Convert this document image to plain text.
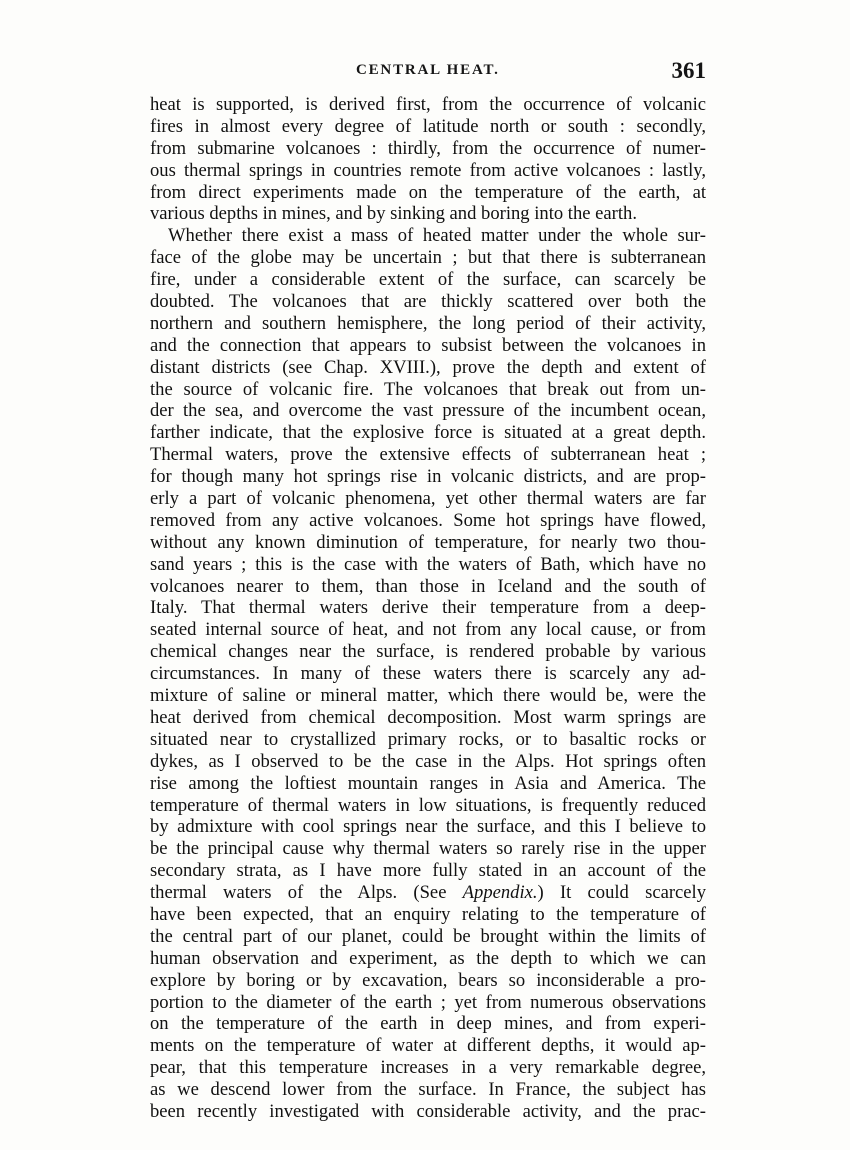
CENTRAL HEAT.	361
heat is supported, is derived first, from the occurrence of volcanic
fires in almost every degree of latitude north or south : secondly,
from submarine volcanoes : thirdly, from the occurrence of numer-
ous thermal springs in countries remote from active volcanoes : lastly,
from direct experiments made on the temperature of the earth, at
various depths in mines, and by sinking and boring into the earth.
Whether there exist a mass of heated matter under the whole sur-
face of the globe may be uncertain ; but that there is subterranean
fire, under a considerable extent of the surface, can scarcely be
doubted. The volcanoes that are thickly scattered over both the
northern and southern hemisphere, the long period of their activity,
and the connection that appears to subsist between the volcanoes in
distant districts (see Chap. XVIII.), prove the depth and extent of
the source of volcanic fire. The volcanoes that break out from un-
der the sea, and overcome the vast pressure of the incumbent ocean,
farther indicate, that the explosive force is situated at a great depth.
Thermal waters, prove the extensive effects of subterranean heat ;
for though many hot springs rise in volcanic districts, and are prop-
erly a part of volcanic phenomena, yet other thermal waters are far
removed from any active volcanoes. Some hot springs have flowed,
without any known diminution of temperature, for nearly two thou-
sand years ; this is the case with the waters of Bath, which have no
volcanoes nearer to them, than those in Iceland and the south of
Italy. That thermal waters derive their temperature from a deep-
seated internal source of heat, and not from any local cause, or from
chemical changes near the surface, is rendered probable by various
circumstances. In many of these waters there is scarcely any ad-
mixture of saline or mineral matter, which there would be, were the
heat derived from chemical decomposition. Most warm springs are
situated near to crystallized primary rocks, or to basaltic rocks or
dykes, as I observed to be the case in the Alps. Hot springs often
rise among the loftiest mountain ranges in Asia and America. The
temperature of thermal waters in low situations, is frequently reduced
by admixture with cool springs near the surface, and this I believe to
be the principal cause why thermal waters so rarely rise in the upper
secondary strata, as I have more fully stated in an account of the
thermal waters of the Alps. (See Appendix.) It could scarcely
have been expected, that an enquiry relating to the temperature of
the central part of our planet, could be brought within the limits of
human observation and experiment, as the depth to which we can
explore by boring or by excavation, bears so inconsiderable a pro-
portion to the diameter of the earth ; yet from numerous observations
on the temperature of the earth in deep mines, and from experi-
ments on the temperature of water at different depths, it would ap-
pear, that this temperature increases in a very remarkable degree,
as we descend lower from the surface. In France, the subject has
been recently investigated with considerable activity, and the prac-
